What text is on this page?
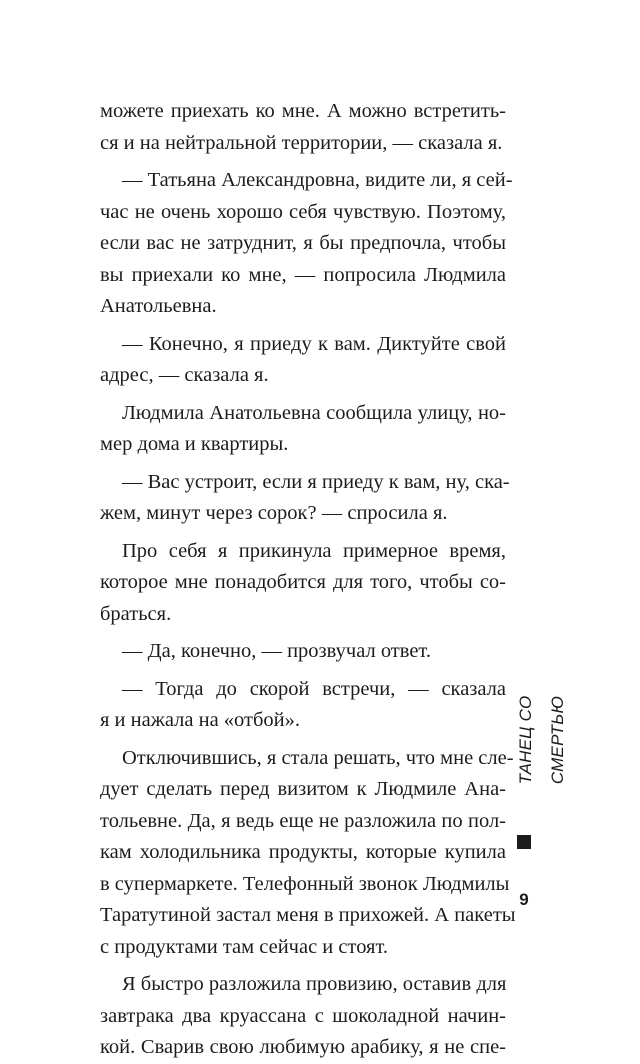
можете приехать ко мне. А можно встретить-
ся и на нейтральной территории, — сказала я.
— Татьяна Александровна, видите ли, я сей-
час не очень хорошо себя чувствую. Поэтому,
если вас не затруднит, я бы предпочла, чтобы
вы приехали ко мне, — попросила Людмила
Анатольевна.
— Конечно, я приеду к вам. Диктуйте свой
адрес, — сказала я.
Людмила Анатольевна сообщила улицу, но-
мер дома и квартиры.
— Вас устроит, если я приеду к вам, ну, ска-
жем, минут через сорок? — спросила я.
Про себя я прикинула примерное время,
которое мне понадобится для того, чтобы со-
браться.
— Да, конечно, — прозвучал ответ.
— Тогда до скорой встречи, — сказала
я и нажала на «отбой».
Отключившись, я стала решать, что мне сле-
дует сделать перед визитом к Людмиле Ана-
тольевне. Да, я ведь еще не разложила по пол-
кам холодильника продукты, которые купила
в супермаркете. Телефонный звонок Людмилы
Таратутиной застал меня в прихожей. А пакеты
с продуктами там сейчас и стоят.
Я быстро разложила провизию, оставив для
завтрака два круассана с шоколадной начин-
кой. Сварив свою любимую арабику, я не спе-
ТАНЕЦ СО СМЕРТЬЮ
9
